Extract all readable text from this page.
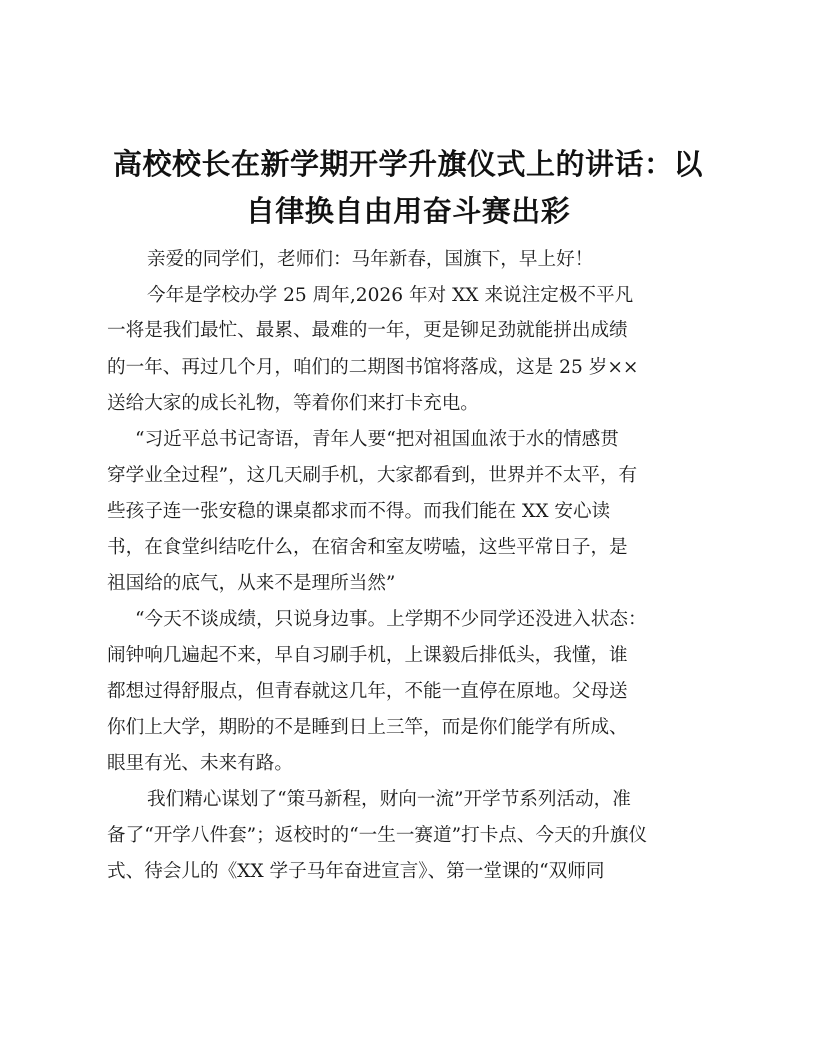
高校校长在新学期开学升旗仪式上的讲话：以
自律换自由用奋斗赛出彩
亲爱的同学们，老师们：马年新春，国旗下，早上好！
今年是学校办学 25 周年,2026 年对 XX 来说注定极不平凡
一将是我们最忙、最累、最难的一年，更是铆足劲就能拼出成绩
的一年、再过几个月，咱们的二期图书馆将落成，这是 25 岁××
送给大家的成长礼物，等着你们来打卡充电。
“习近平总书记寄语，青年人要“把对祖国血浓于水的情感贯
穿学业全过程”，这几天刷手机，大家都看到，世界并不太平，有
些孩子连一张安稳的课桌都求而不得。而我们能在 XX 安心读
书，在食堂纠结吃什么，在宿舍和室友唠嗑，这些平常日子，是
祖国给的底气，从来不是理所当然”
“今天不谈成绩，只说身边事。上学期不少同学还没进入状态：
闹钟响几遍起不来，早自习刷手机，上课毅后排低头，我懂，谁
都想过得舒服点，但青春就这几年，不能一直停在原地。父母送
你们上大学，期盼的不是睡到日上三竿，而是你们能学有所成、
眼里有光、未来有路。
我们精心谋划了“策马新程，财向一流”开学节系列活动，准
备了“开学八件套”；返校时的“一生一赛道”打卡点、今天的升旗仪
式、待会儿的《XX 学子马年奋进宣言》、第一堂课的“双师同
